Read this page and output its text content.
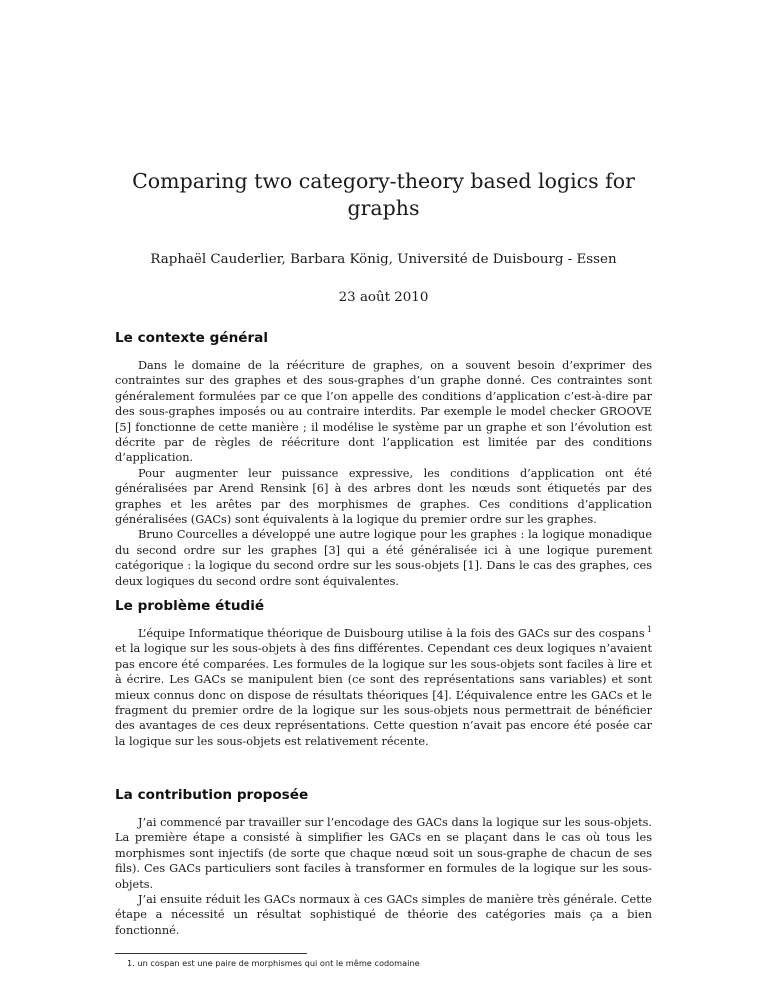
Comparing two category-theory based logics for graphs

Raphaël Cauderlier, Barbara König, Université de Duisbourg - Essen

23 août 2010

Le contexte général

Dans le domaine de la réécriture de graphes, on a souvent besoin d’exprimer des contraintes sur des graphes et des sous-graphes d’un graphe donné. Ces contraintes sont généralement formulées par ce que l’on appelle des conditions d’application c’est-à-dire par des sous-graphes imposés ou au contraire interdits. Par exemple le model checker GROOVE [5] fonctionne de cette manière ; il modélise le système par un graphe et son l’évolution est décrite par de règles de réécriture dont l’application est limitée par des conditions d’application.

Pour augmenter leur puissance expressive, les conditions d’application ont été généralisées par Arend Rensink [6] à des arbres dont les nœuds sont étiquetés par des graphes et les arêtes par des morphismes de graphes. Ces conditions d’application généralisées (GACs) sont équivalents à la logique du premier ordre sur les graphes.

Bruno Courcelles a développé une autre logique pour les graphes : la logique monadique du second ordre sur les graphes [3] qui a été généralisée ici à une logique purement catégorique : la logique du second ordre sur les sous-objets [1]. Dans le cas des graphes, ces deux logiques du second ordre sont équivalentes.

Le problème étudié

L’équipe Informatique théorique de Duisbourg utilise à la fois des GACs sur des cospans  $^1$ et la logique sur les sous-objets à des fins différentes. Cependant ces deux logiques n’avaient pas encore été comparées. Les formules de la logique sur les sous-objets sont faciles à lire et à écrire. Les GACs se manipulent bien (ce sont des représentations sans variables) et sont mieux connus donc on dispose de résultats théoriques [4]. L’équivalence entre les GACs et le fragment du premier ordre de la logique sur les sous-objets nous permettrait de bénéficier des avantages de ces deux représentations. Cette question n’avait pas encore été posée car la logique sur les sous-objets est relativement récente.

La contribution proposée

J’ai commencé par travailler sur l’encodage des GACs dans la logique sur les sous-objets. La première étape a consisté à simplifier les GACs en se plaçant dans le cas où tous les morphismes sont injectifs (de sorte que chaque nœud soit un sous-graphe de chacun de ses fils). Ces GACs particuliers sont faciles à transformer en formules de la logique sur les sous-objets.

J’ai ensuite réduit les GACs normaux à ces GACs simples de manière très générale. Cette étape a nécessité un résultat sophistiqué de théorie des catégories mais ça a bien fonctionné.

1. un cospan est une paire de morphismes qui ont le même codomaine
